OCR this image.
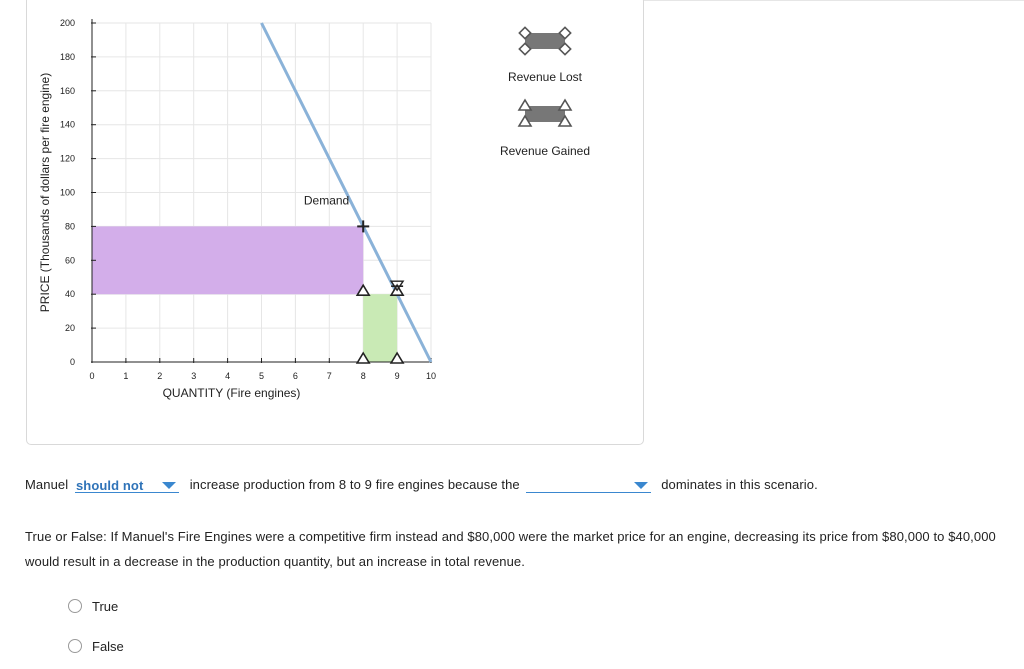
0
20
40
60
80
100
120
140
160
180
200
0	1	2	3	4	5	6	7	8	9	10
QUANTITY (Fire engines)
PRICE (Thousands of dollars per fire engine)	Demand
Revenue Lost
Revenue Gained
Manuel should not	increase production from 8 to 9 fire engines because the	dominates in this scenario.
True or False: If Manuel's Fire Engines were a competitive firm instead and $80,000 were the market price for an engine, decreasing its price from $80,000 to $40,000 would result in a decrease in the production quantity, but an increase in total revenue.
True
False
